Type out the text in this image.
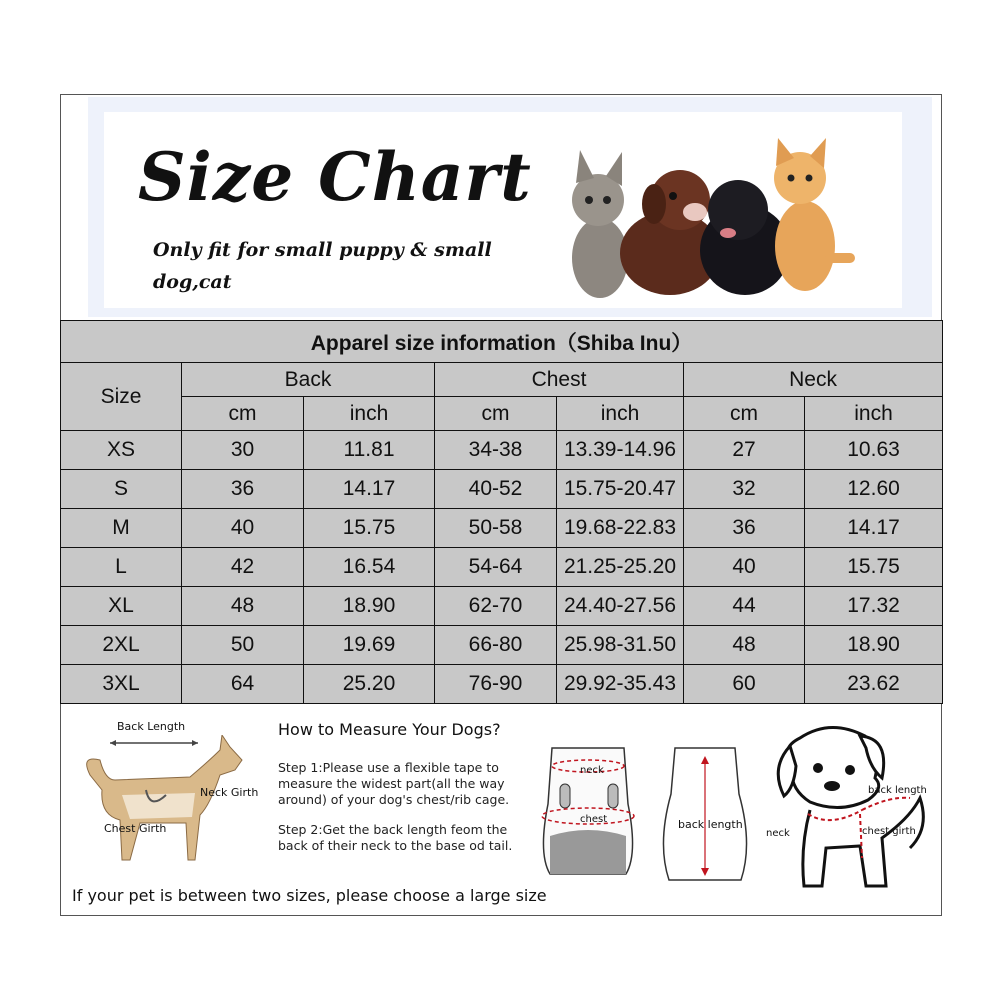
Size Chart
Only fit for small puppy & small dog,cat
Apparel size information（Shiba Inu）						
Size	Back		Chest		Neck	
	cm	inch	cm	inch	cm	inch
XS	30	11.81	34-38	13.39-14.96	27	10.63
S	36	14.17	40-52	15.75-20.47	32	12.60
M	40	15.75	50-58	19.68-22.83	36	14.17
L	42	16.54	54-64	21.25-25.20	40	15.75
XL	48	18.90	62-70	24.40-27.56	44	17.32
2XL	50	19.69	66-80	25.98-31.50	48	18.90
3XL	64	25.20	76-90	29.92-35.43	60	23.62
Back Length
Neck Girth
Chest Girth
How to Measure Your Dogs?
Step 1:Please use a flexible tape to measure the widest part(all the way around) of your dog's chest/rib cage.
Step 2:Get the back length feom the back of their neck to the base od tail.
neck
chest	back length
back length
neck	chest girth
If your pet is between two sizes, please choose a large size
